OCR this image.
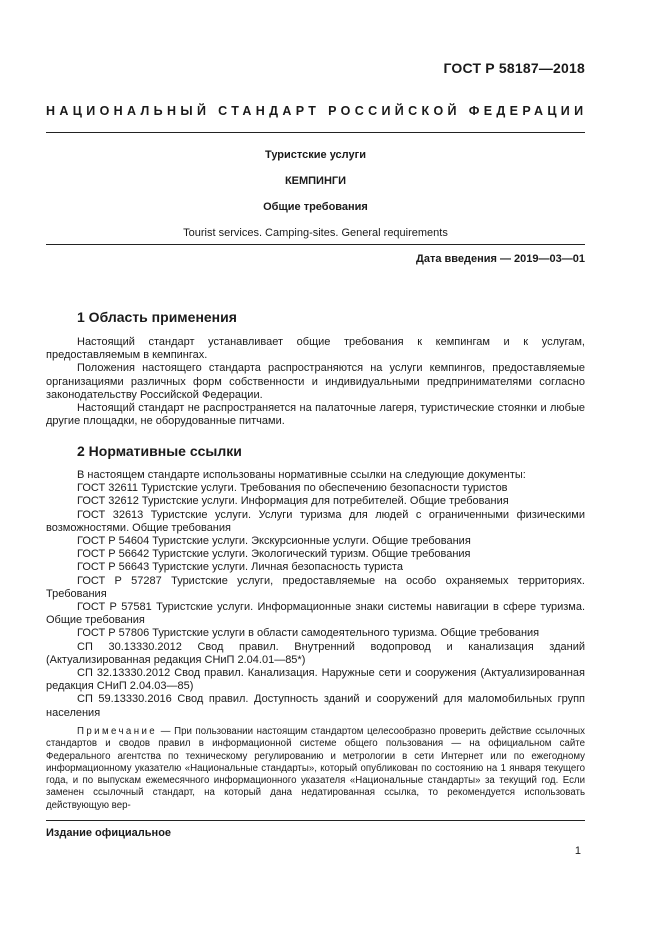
ГОСТ Р 58187—2018
НАЦИОНАЛЬНЫЙ СТАНДАРТ РОССИЙСКОЙ ФЕДЕРАЦИИ
Туристские услуги
КЕМПИНГИ
Общие требования
Tourist services. Camping-sites. General requirements
Дата введения — 2019—03—01
1 Область применения

Настоящий стандарт устанавливает общие требования к кемпингам и к услугам, предоставляемым в кемпингах.

Положения настоящего стандарта распространяются на услуги кемпингов, предоставляемые организациями различных форм собственности и индивидуальными предпринимателями согласно законодательству Российской Федерации.

Настоящий стандарт не распространяется на палаточные лагеря, туристические стоянки и любые другие площадки, не оборудованные питчами.

2 Нормативные ссылки

В настоящем стандарте использованы нормативные ссылки на следующие документы:

ГОСТ 32611 Туристские услуги. Требования по обеспечению безопасности туристов

ГОСТ 32612 Туристские услуги. Информация для потребителей. Общие требования

ГОСТ 32613 Туристские услуги. Услуги туризма для людей с ограниченными физическими возможностями. Общие требования

ГОСТ Р 54604 Туристские услуги. Экскурсионные услуги. Общие требования

ГОСТ Р 56642 Туристские услуги. Экологический туризм. Общие требования

ГОСТ Р 56643 Туристские услуги. Личная безопасность туриста

ГОСТ Р 57287 Туристские услуги, предоставляемые на особо охраняемых территориях. Требования

ГОСТ Р 57581 Туристские услуги. Информационные знаки системы навигации в сфере туризма. Общие требования

ГОСТ Р 57806 Туристские услуги в области самодеятельного туризма. Общие требования

СП 30.13330.2012 Свод правил. Внутренний водопровод и канализация зданий (Актуализированная редакция СНиП 2.04.01—85*)

СП 32.13330.2012 Свод правил. Канализация. Наружные сети и сооружения (Актуализированная редакция СНиП 2.04.03—85)

СП 59.13330.2016 Свод правил. Доступность зданий и сооружений для маломобильных групп населения

Примечание — При пользовании настоящим стандартом целесообразно проверить действие ссылочных стандартов и сводов правил в информационной системе общего пользования — на официальном сайте Федерального агентства по техническому регулированию и метрологии в сети Интернет или по ежегодному информационному указателю «Национальные стандарты», который опубликован по состоянию на 1 января текущего года, и по выпускам ежемесячного информационного указателя «Национальные стандарты» за текущий год. Если заменен ссылочный стандарт, на который дана недатированная ссылка, то рекомендуется использовать действующую вер-
Издание официальное
1
